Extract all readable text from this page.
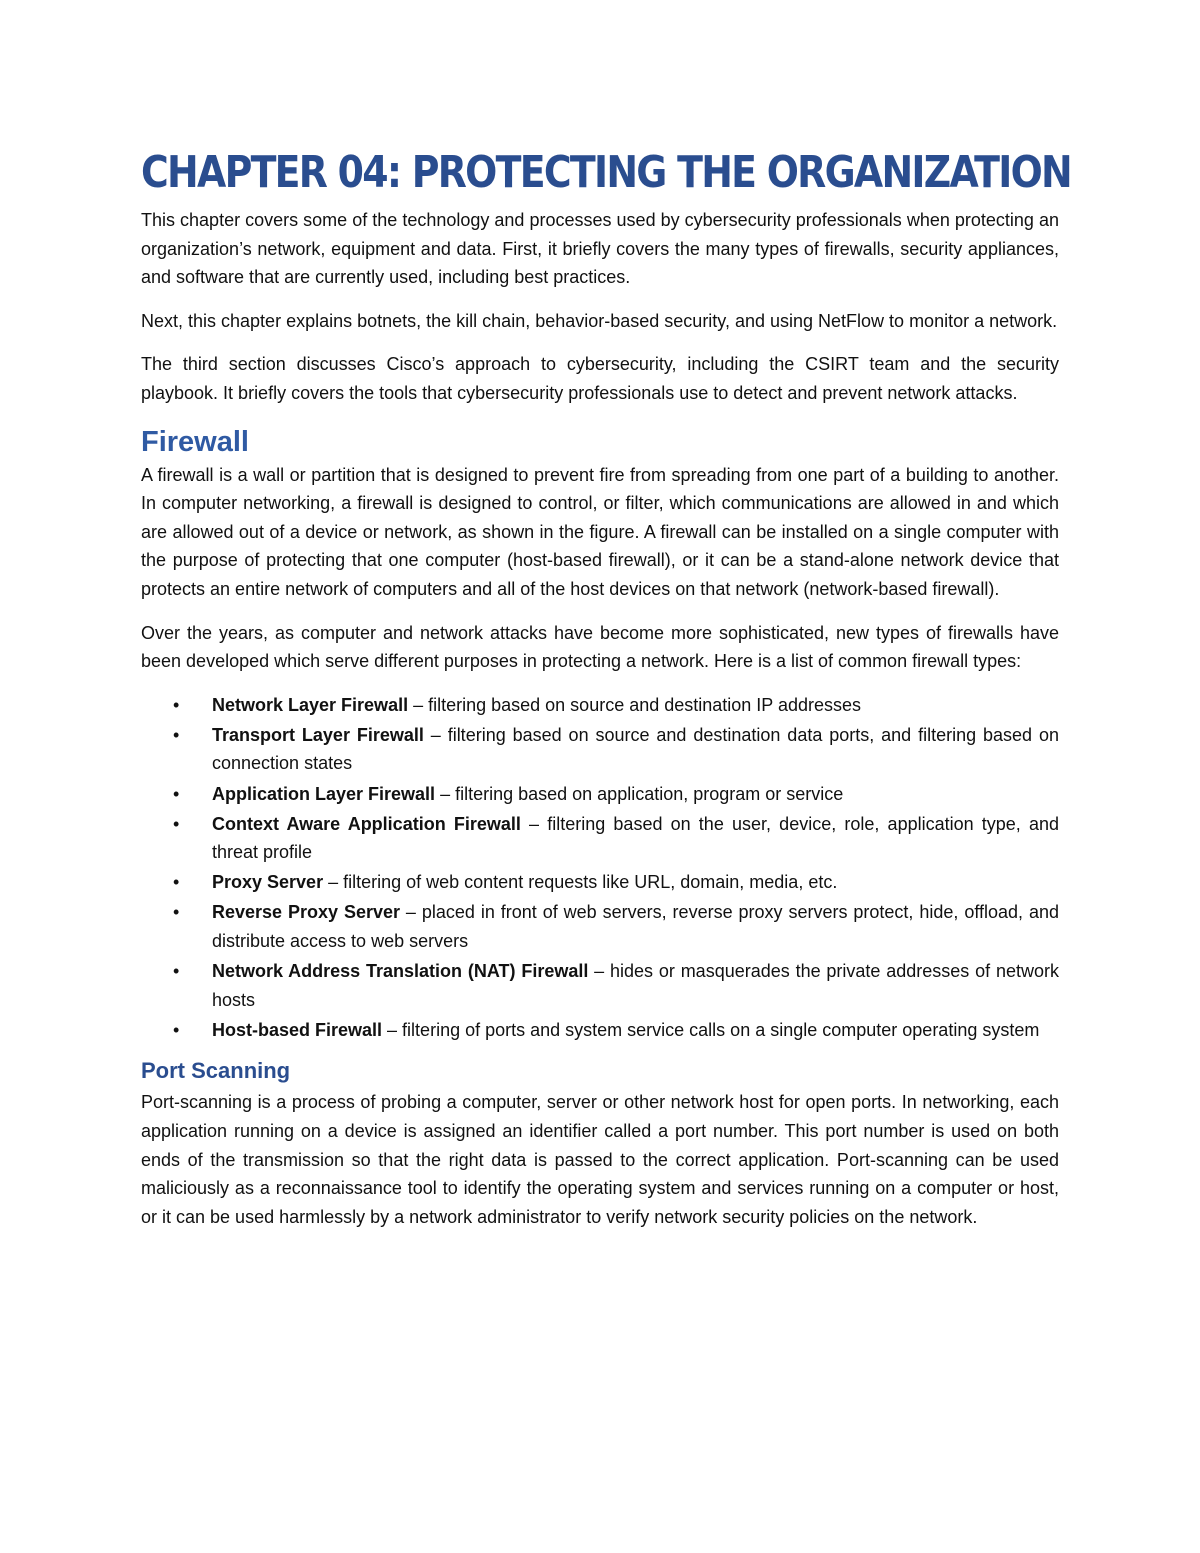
CHAPTER 04: PROTECTING THE ORGANIZATION

This chapter covers some of the technology and processes used by cybersecurity professionals when protecting an organization’s network, equipment and data. First, it briefly covers the many types of firewalls, security appliances, and software that are currently used, including best practices.

Next, this chapter explains botnets, the kill chain, behavior-based security, and using NetFlow to monitor a network.

The third section discusses Cisco’s approach to cybersecurity, including the CSIRT team and the security playbook. It briefly covers the tools that cybersecurity professionals use to detect and prevent network attacks.

Firewall

A firewall is a wall or partition that is designed to prevent fire from spreading from one part of a building to another. In computer networking, a firewall is designed to control, or filter, which communications are allowed in and which are allowed out of a device or network, as shown in the figure. A firewall can be installed on a single computer with the purpose of protecting that one computer (host-based firewall), or it can be a stand-alone network device that protects an entire network of computers and all of the host devices on that network (network-based firewall).

Over the years, as computer and network attacks have become more sophisticated, new types of firewalls have been developed which serve different purposes in protecting a network. Here is a list of common firewall types:

• Network Layer Firewall – filtering based on source and destination IP addresses
• Transport Layer Firewall – filtering based on source and destination data ports, and filtering based on connection states
• Application Layer Firewall – filtering based on application, program or service
• Context Aware Application Firewall – filtering based on the user, device, role, application type, and threat profile
• Proxy Server – filtering of web content requests like URL, domain, media, etc.
• Reverse Proxy Server – placed in front of web servers, reverse proxy servers protect, hide, offload, and distribute access to web servers
• Network Address Translation (NAT) Firewall – hides or masquerades the private addresses of network hosts
• Host-based Firewall – filtering of ports and system service calls on a single computer operating system
Port Scanning

Port-scanning is a process of probing a computer, server or other network host for open ports. In networking, each application running on a device is assigned an identifier called a port number. This port number is used on both ends of the transmission so that the right data is passed to the correct application. Port-scanning can be used maliciously as a reconnaissance tool to identify the operating system and services running on a computer or host, or it can be used harmlessly by a network administrator to verify network security policies on the network.
